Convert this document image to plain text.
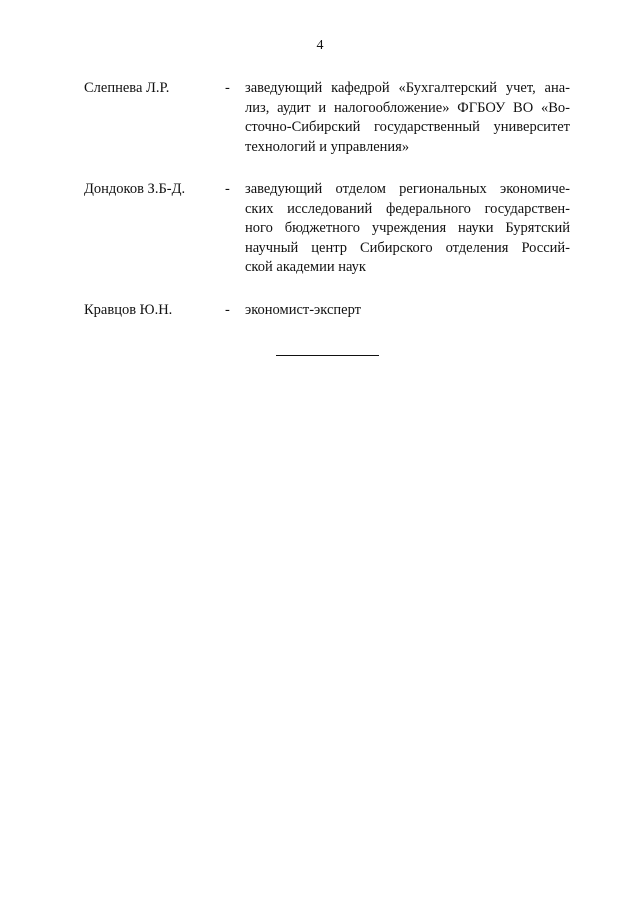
4
Слепнева Л.Р.	-	заведующий кафедрой «Бухгалтерский учет, ана-
лиз, аудит и налогообложение» ФГБОУ ВО «Во-
сточно-Сибирский государственный университет
технологий и управления»
Дондоков З.Б-Д.	-	заведующий отделом региональных экономиче-
ских исследований федерального государствен-
ного бюджетного учреждения науки Бурятский
научный центр Сибирского отделения Россий-
ской академии наук
Кравцов Ю.Н.	-	экономист-эксперт
